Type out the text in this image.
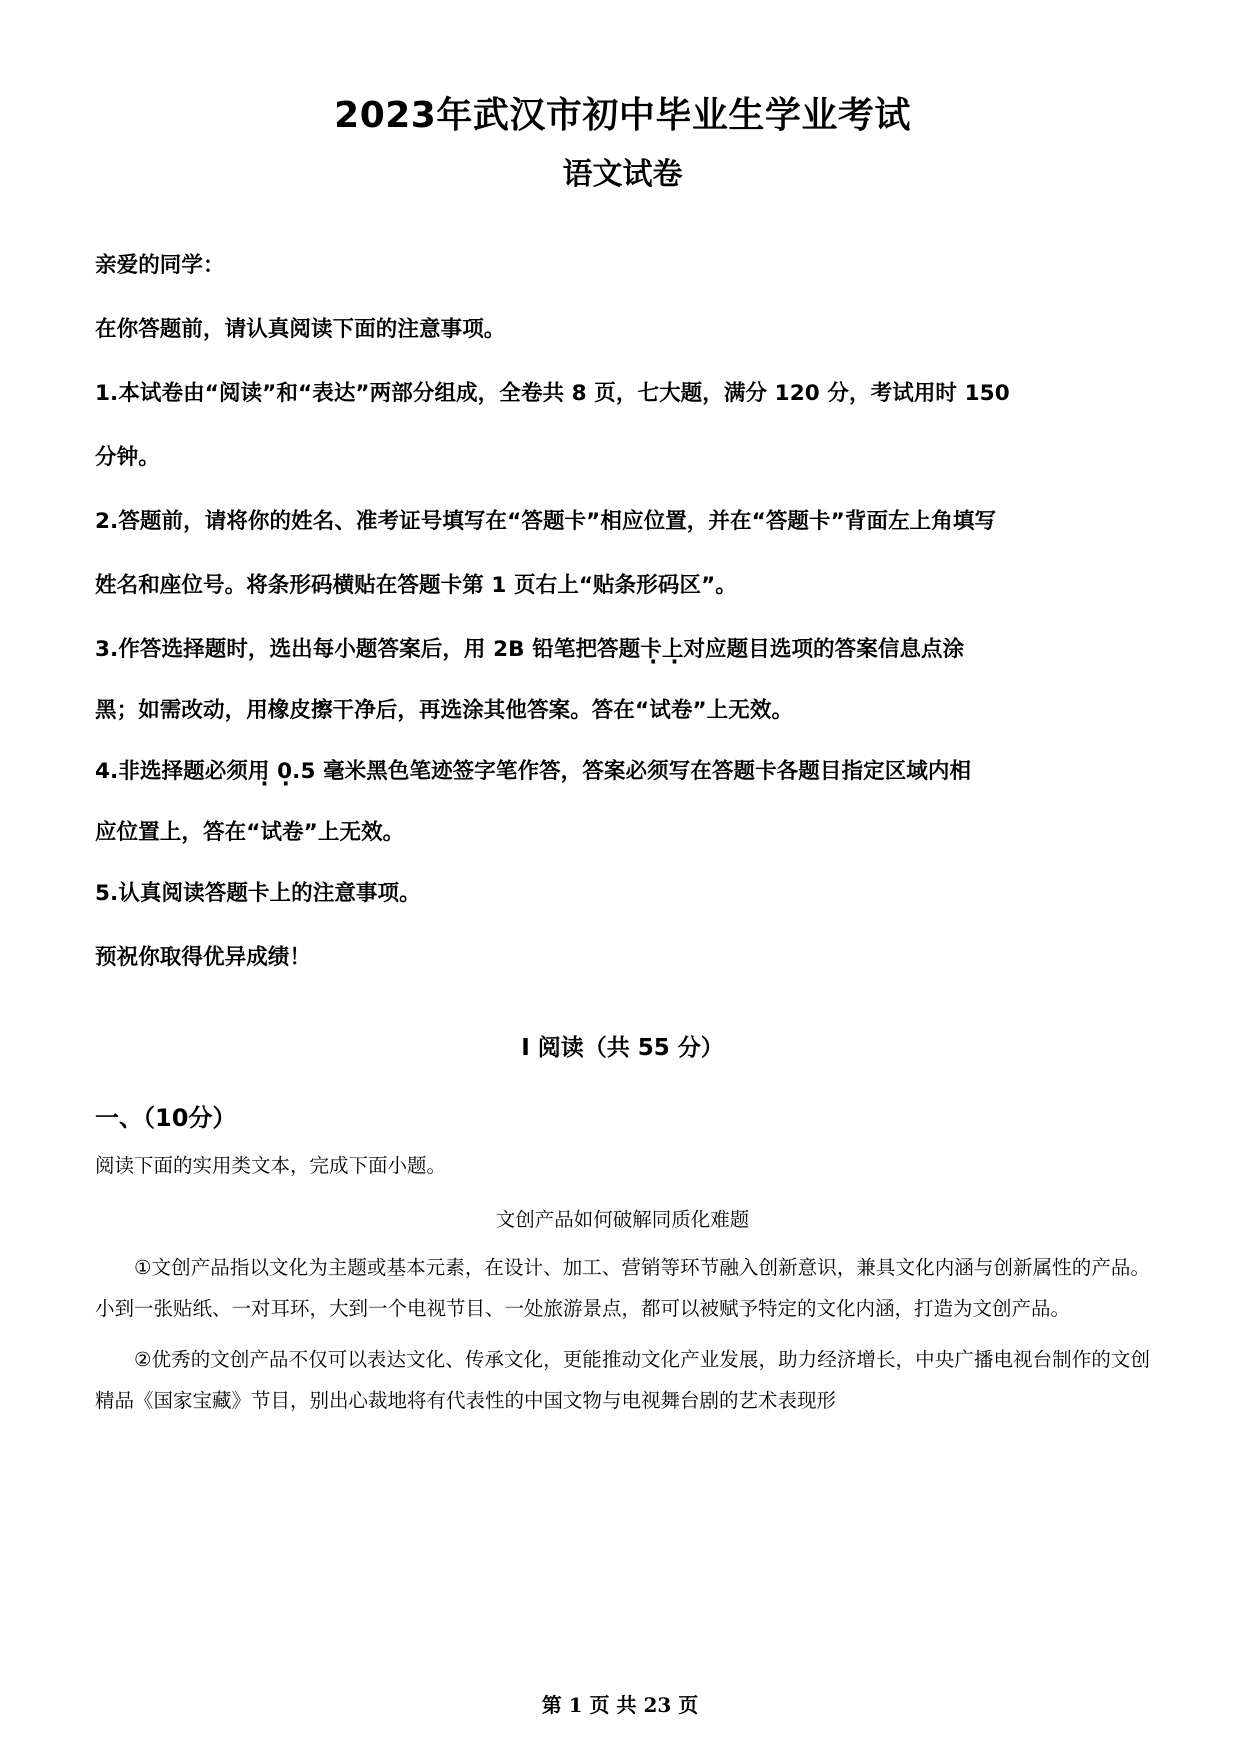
2023年武汉市初中毕业生学业考试
语文试卷

亲爱的同学：

在你答题前，请认真阅读下面的注意事项。

1.本试卷由“阅读”和“表达”两部分组成，全卷共 8 页，七大题，满分 120 分，考试用时 150

分钟。

2.答题前，请将你的姓名、准考证号填写在“答题卡”相应位置，并在“答题卡”背面左上角填写

姓名和座位号。将条形码横贴在答题卡第 1 页右上“贴条形码区”。

3.作答选择题时，选出每小题答案后，用 2B 铅笔把答题卡上对应题目选项的答案信息点涂

黑；如需改动，用橡皮擦干净后，再选涂其他答案。答在“· · · 试卷”上无效。

4.非选择题必须用 0.5 毫米黑色笔迹签字笔作答，答案必须写在答题卡各题目指定区域内相

应位置上，答在“· · · 试卷”上无效。

5.认真阅读答题卡上的注意事项。

预祝你取得优异成绩！

Ⅰ 阅读（共 55 分）
一、（10分）

阅读下面的实用类文本，完成下面小题。

文创产品如何破解同质化难题

①文创产品指以文化为主题或基本元素，在设计、加工、营销等环节融入创新意识，兼具文化内涵与创新属性的产品。小到一张贴纸、一对耳环，大到一个电视节目、一处旅游景点，都可以被赋予特定的文化内涵，打造为文创产品。

②优秀的文创产品不仅可以表达文化、传承文化，更能推动文化产业发展，助力经济增长，中央广播电视台制作的文创精品《国家宝藏》节目，别出心裁地将有代表性的中国文物与电视舞台剧的艺术表现形

第 1 页 共 23 页
